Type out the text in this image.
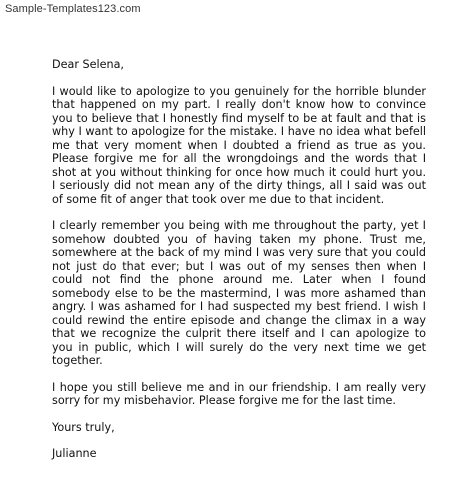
Sample-Templates123.com

Dear Selena,

I would like to apologize to you genuinely for the horrible blunder that happened on my part. I really don't know how to convince you to believe that I honestly find myself to be at fault and that is why I want to apologize for the mistake. I have no idea what befell me that very moment when I doubted a friend as true as you. Please forgive me for all the wrongdoings and the words that I shot at you without thinking for once how much it could hurt you. I seriously did not mean any of the dirty things, all I said was out of some fit of anger that took over me due to that incident.

I clearly remember you being with me throughout the party, yet I somehow doubted you of having taken my phone. Trust me, somewhere at the back of my mind I was very sure that you could not just do that ever; but I was out of my senses then when I could not find the phone around me. Later when I found somebody else to be the mastermind, I was more ashamed than angry. I was ashamed for I had suspected my best friend. I wish I could rewind the entire episode and change the climax in a way that we recognize the culprit there itself and I can apologize to you in public, which I will surely do the very next time we get together.

I hope you still believe me and in our friendship. I am really very sorry for my misbehavior. Please forgive me for the last time.

Yours truly,

Julianne
